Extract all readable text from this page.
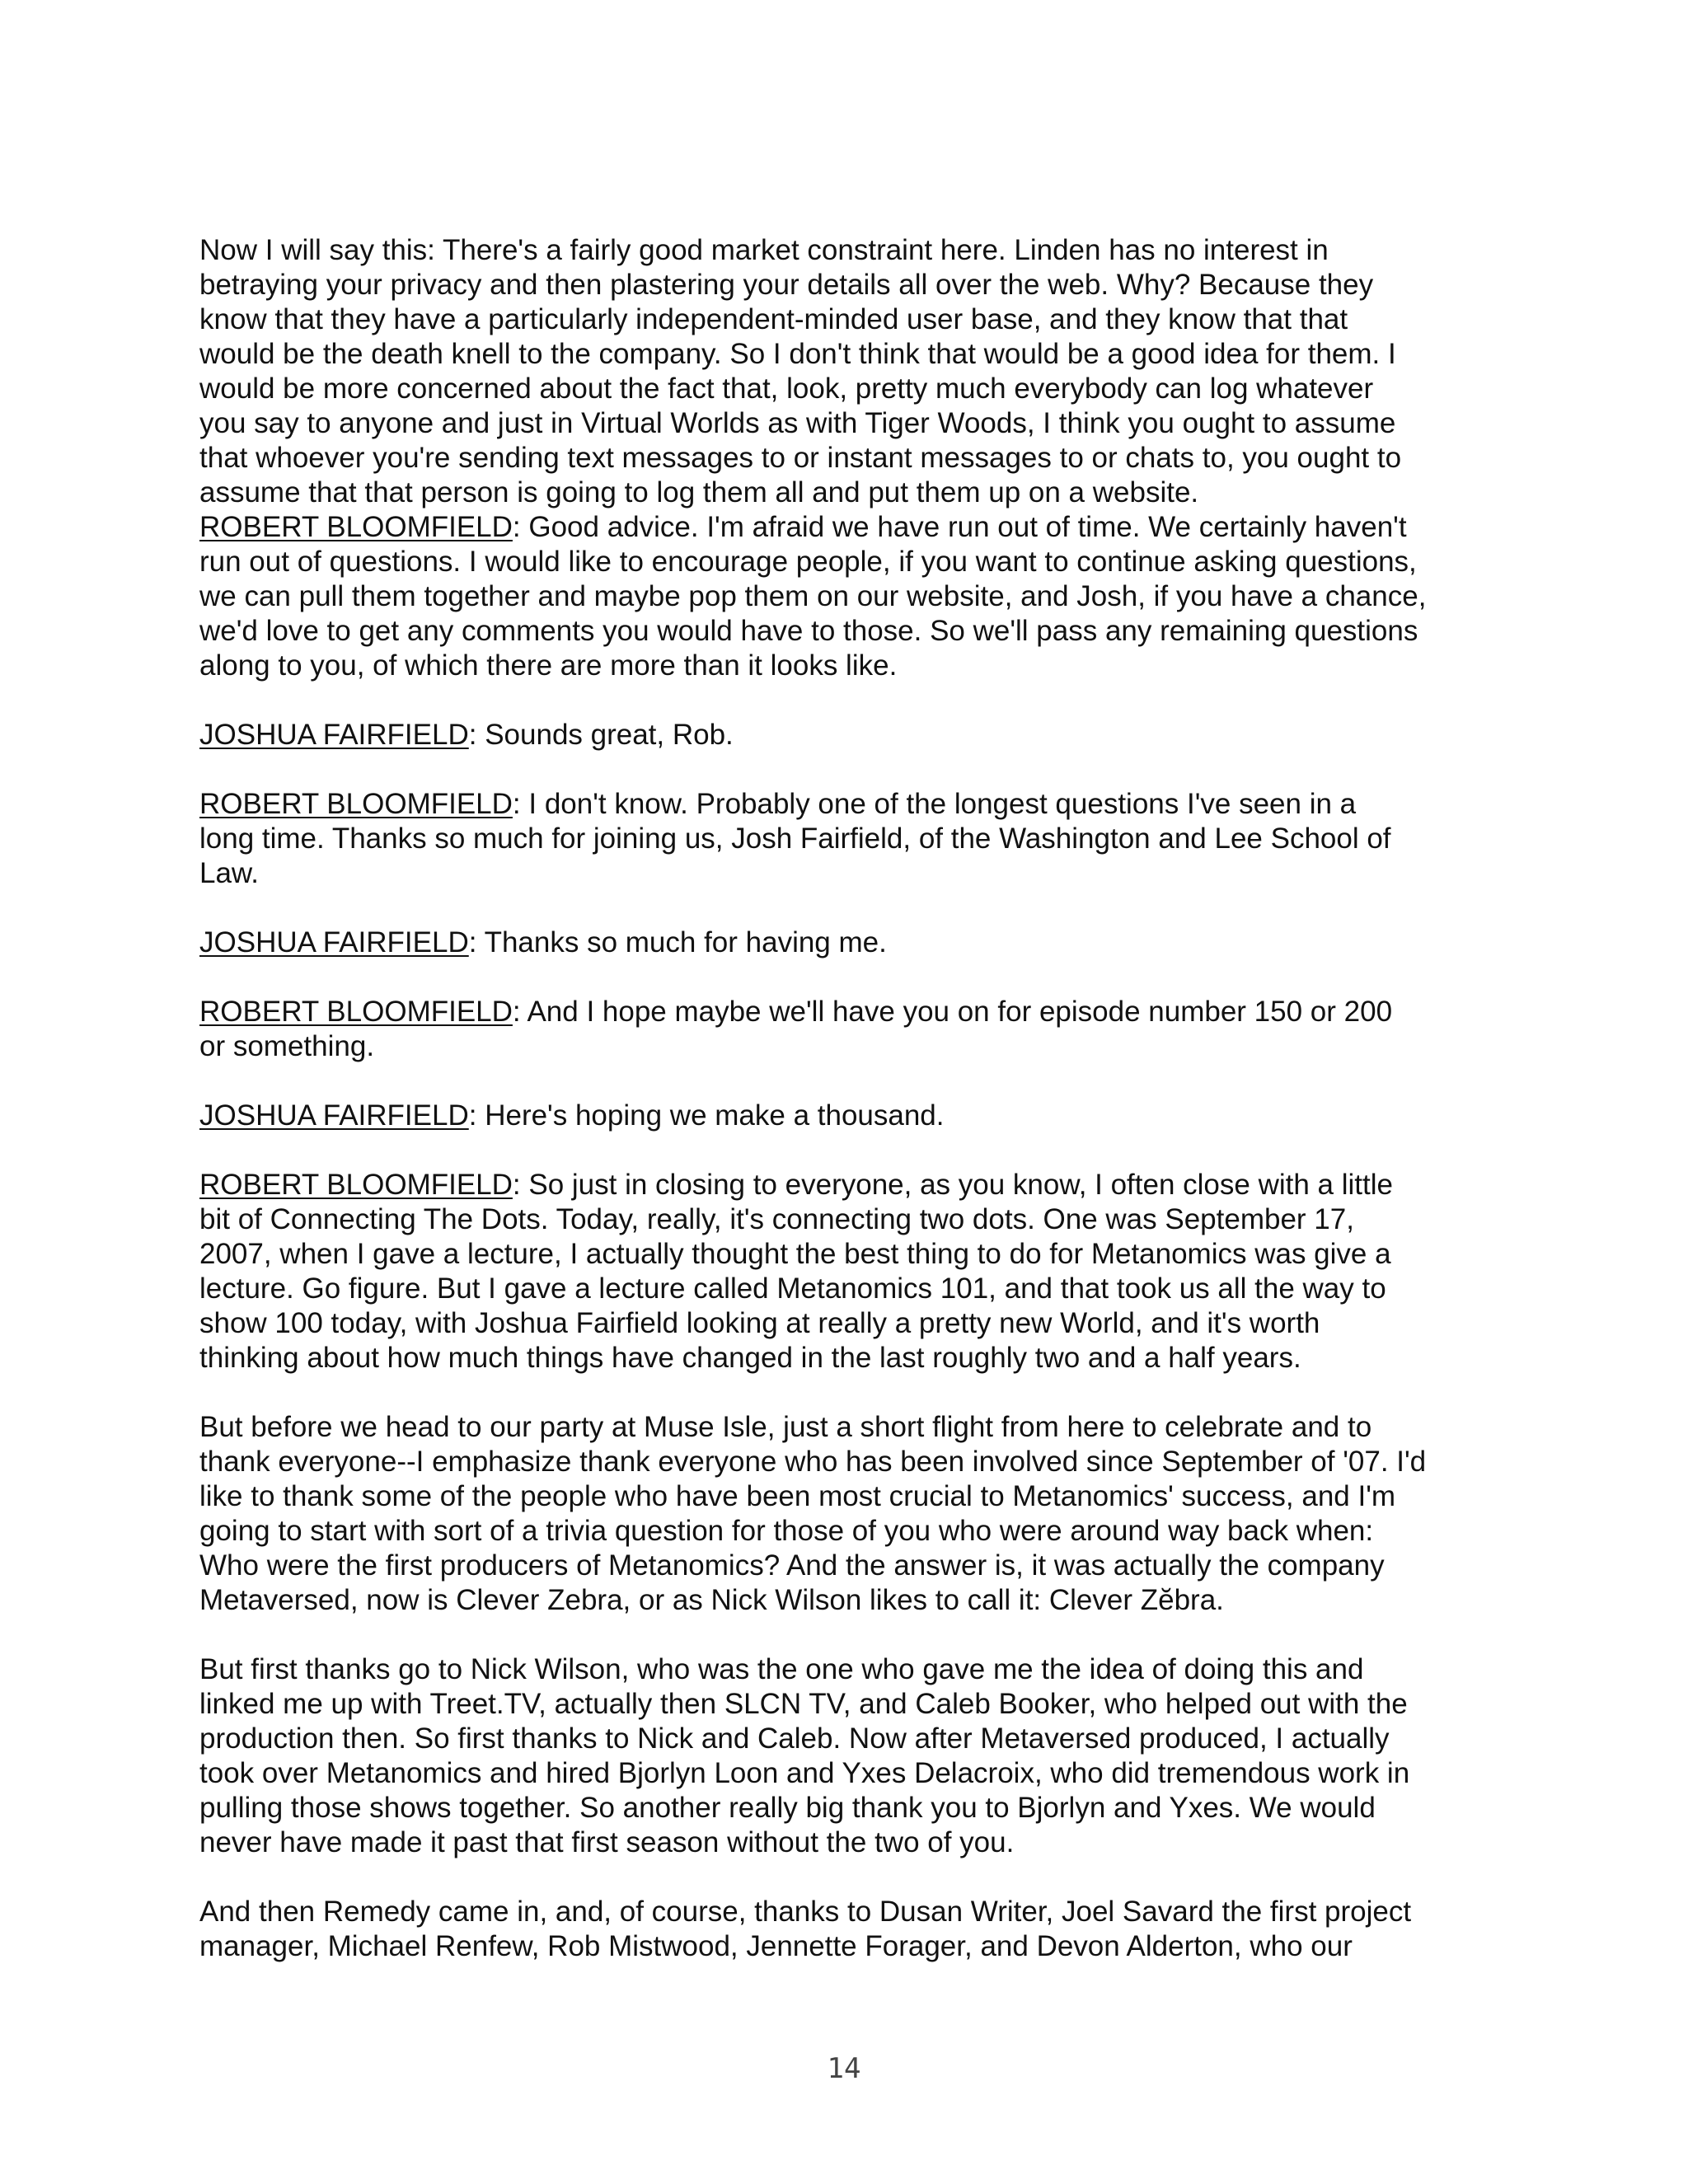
Now I will say this: There's a fairly good market constraint here. Linden has no interest in
betraying your privacy and then plastering your details all over the web. Why? Because they
know that they have a particularly independent-minded user base, and they know that that
would be the death knell to the company. So I don't think that would be a good idea for them. I
would be more concerned about the fact that, look, pretty much everybody can log whatever
you say to anyone and just in Virtual Worlds as with Tiger Woods, I think you ought to assume
that whoever you're sending text messages to or instant messages to or chats to, you ought to
assume that that person is going to log them all and put them up on a website.
ROBERT BLOOMFIELD: Good advice. I'm afraid we have run out of time. We certainly haven't
run out of questions. I would like to encourage people, if you want to continue asking questions,
we can pull them together and maybe pop them on our website, and Josh, if you have a chance,
we'd love to get any comments you would have to those. So we'll pass any remaining questions
along to you, of which there are more than it looks like.
JOSHUA FAIRFIELD: Sounds great, Rob.
ROBERT BLOOMFIELD: I don't know. Probably one of the longest questions I've seen in a
long time. Thanks so much for joining us, Josh Fairfield, of the Washington and Lee School of
Law.
JOSHUA FAIRFIELD: Thanks so much for having me.
ROBERT BLOOMFIELD: And I hope maybe we'll have you on for episode number 150 or 200
or something.
JOSHUA FAIRFIELD: Here's hoping we make a thousand.
ROBERT BLOOMFIELD: So just in closing to everyone, as you know, I often close with a little
bit of Connecting The Dots. Today, really, it's connecting two dots. One was September 17,
2007, when I gave a lecture, I actually thought the best thing to do for Metanomics was give a
lecture. Go figure. But I gave a lecture called Metanomics 101, and that took us all the way to
show 100 today, with Joshua Fairfield looking at really a pretty new World, and it's worth
thinking about how much things have changed in the last roughly two and a half years.
But before we head to our party at Muse Isle, just a short flight from here to celebrate and to
thank everyone--I emphasize thank everyone who has been involved since September of '07. I'd
like to thank some of the people who have been most crucial to Metanomics' success, and I'm
going to start with sort of a trivia question for those of you who were around way back when:
Who were the first producers of Metanomics? And the answer is, it was actually the company
Metaversed, now is Clever Zebra, or as Nick Wilson likes to call it: Clever Zĕbra.
But first thanks go to Nick Wilson, who was the one who gave me the idea of doing this and
linked me up with Treet.TV, actually then SLCN TV, and Caleb Booker, who helped out with the
production then. So first thanks to Nick and Caleb. Now after Metaversed produced, I actually
took over Metanomics and hired Bjorlyn Loon and Yxes Delacroix, who did tremendous work in
pulling those shows together. So another really big thank you to Bjorlyn and Yxes. We would
never have made it past that first season without the two of you.
And then Remedy came in, and, of course, thanks to Dusan Writer, Joel Savard the first project
manager, Michael Renfew, Rob Mistwood, Jennette Forager, and Devon Alderton, who our
14
